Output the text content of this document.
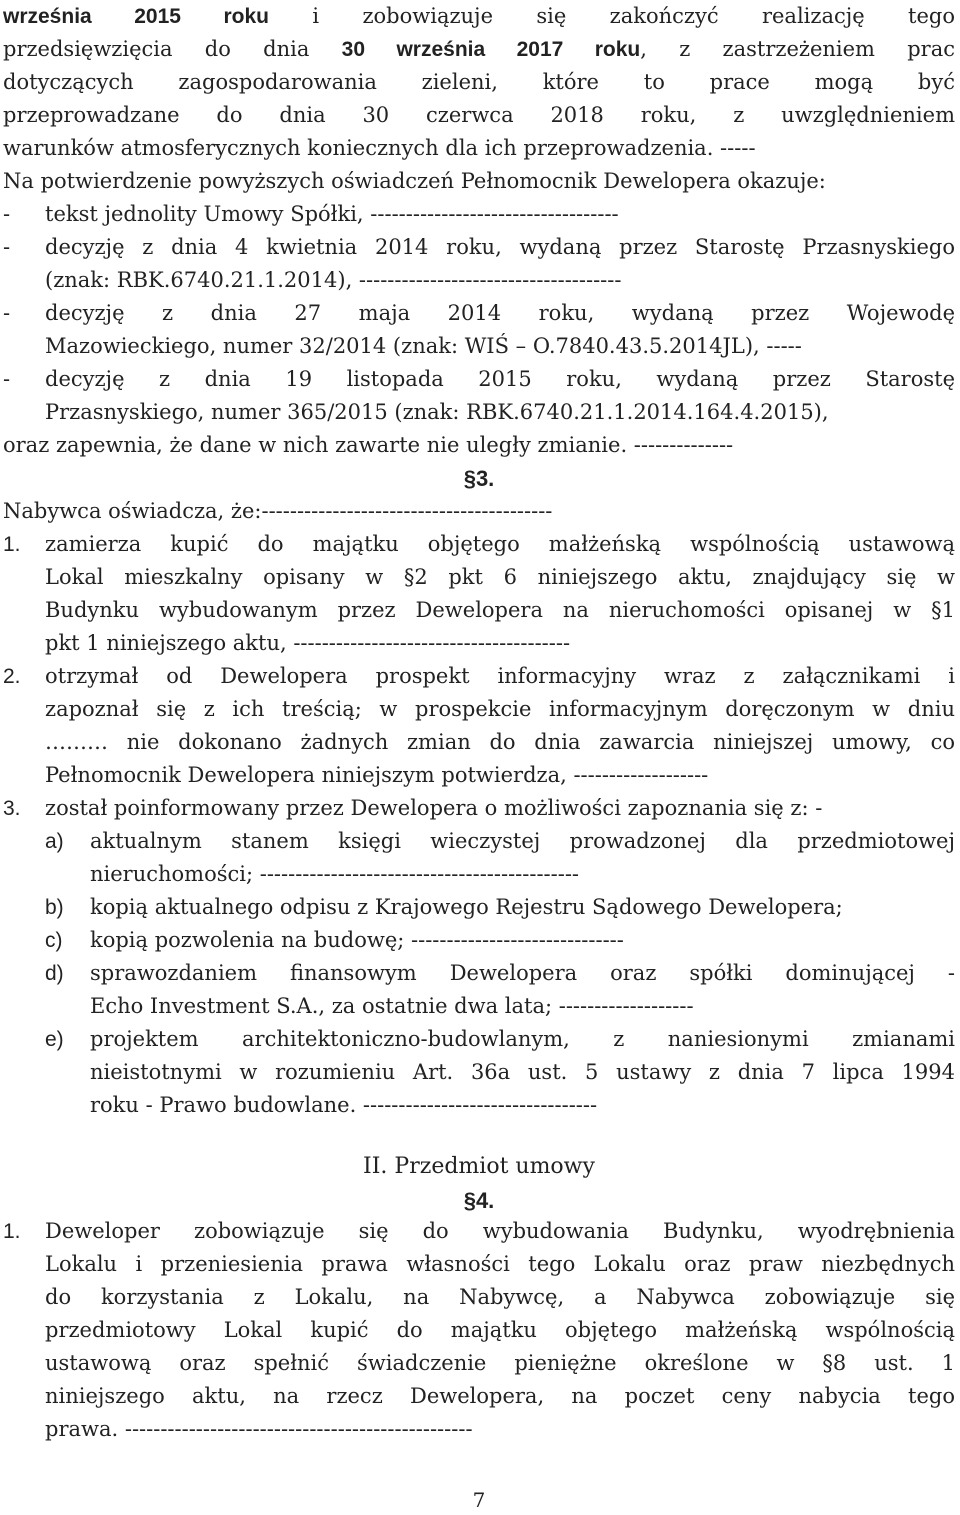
września 2015 roku i zobowiązuje się zakończyć realizację tego
przedsięwzięcia do dnia 30 września 2017 roku, z zastrzeżeniem prac
dotyczących zagospodarowania zieleni, które to prace mogą być
przeprowadzane do dnia 30 czerwca 2018 roku, z uwzględnieniem
warunków atmosferycznych koniecznych dla ich przeprowadzenia. -----
Na potwierdzenie powyższych oświadczeń Pełnomocnik Dewelopera okazuje:
-	tekst jednolity Umowy Spółki, -----------------------------------
-	decyzję z dnia 4 kwietnia 2014 roku, wydaną przez Starostę Przasnyskiego
(znak: RBK.6740.21.1.2014), -------------------------------------
-	decyzję z dnia 27 maja 2014 roku, wydaną przez Wojewodę
Mazowieckiego, numer 32/2014 (znak: WIŚ – O.7840.43.5.2014JL), -----
-	decyzję z dnia 19 listopada 2015 roku, wydaną przez Starostę
Przasnyskiego, numer 365/2015 (znak: RBK.6740.21.1.2014.164.4.2015),
oraz zapewnia, że dane w nich zawarte nie uległy zmianie. --------------
§3.
Nabywca oświadcza, że:-----------------------------------------
1.	zamierza kupić do majątku objętego małżeńską wspólnością ustawową
Lokal mieszkalny opisany w §2 pkt 6 niniejszego aktu, znajdujący się w
Budynku wybudowanym przez Dewelopera na nieruchomości opisanej w §1
pkt 1 niniejszego aktu, ---------------------------------------
2.	otrzymał od Dewelopera prospekt informacyjny wraz z załącznikami i
zapoznał się z ich treścią; w prospekcie informacyjnym doręczonym w dniu
……… nie dokonano żadnych zmian do dnia zawarcia niniejszej umowy, co
Pełnomocnik Dewelopera niniejszym potwierdza, -------------------
3.	został poinformowany przez Dewelopera o możliwości zapoznania się z: -
a)	aktualnym stanem księgi wieczystej prowadzonej dla przedmiotowej
nieruchomości; ---------------------------------------------
b)	kopią aktualnego odpisu z Krajowego Rejestru Sądowego Dewelopera;
c)	kopią pozwolenia na budowę; ------------------------------
d)	sprawozdaniem finansowym Dewelopera oraz spółki dominującej -
Echo Investment S.A., za ostatnie dwa lata; -------------------
e)	projektem architektoniczno-budowlanym, z naniesionymi zmianami
nieistotnymi w rozumieniu Art. 36a ust. 5 ustawy z dnia 7 lipca 1994
roku - Prawo budowlane. ---------------------------------
II. Przedmiot umowy
§4.
1.	Deweloper zobowiązuje się do wybudowania Budynku, wyodrębnienia
Lokalu i przeniesienia prawa własności tego Lokalu oraz praw niezbędnych
do korzystania z Lokalu, na Nabywcę, a Nabywca zobowiązuje się
przedmiotowy Lokal kupić do majątku objętego małżeńską wspólnością
ustawową oraz spełnić świadczenie pieniężne określone w §8 ust. 1
niniejszego aktu, na rzecz Dewelopera, na poczet ceny nabycia tego
prawa. -------------------------------------------------
7
